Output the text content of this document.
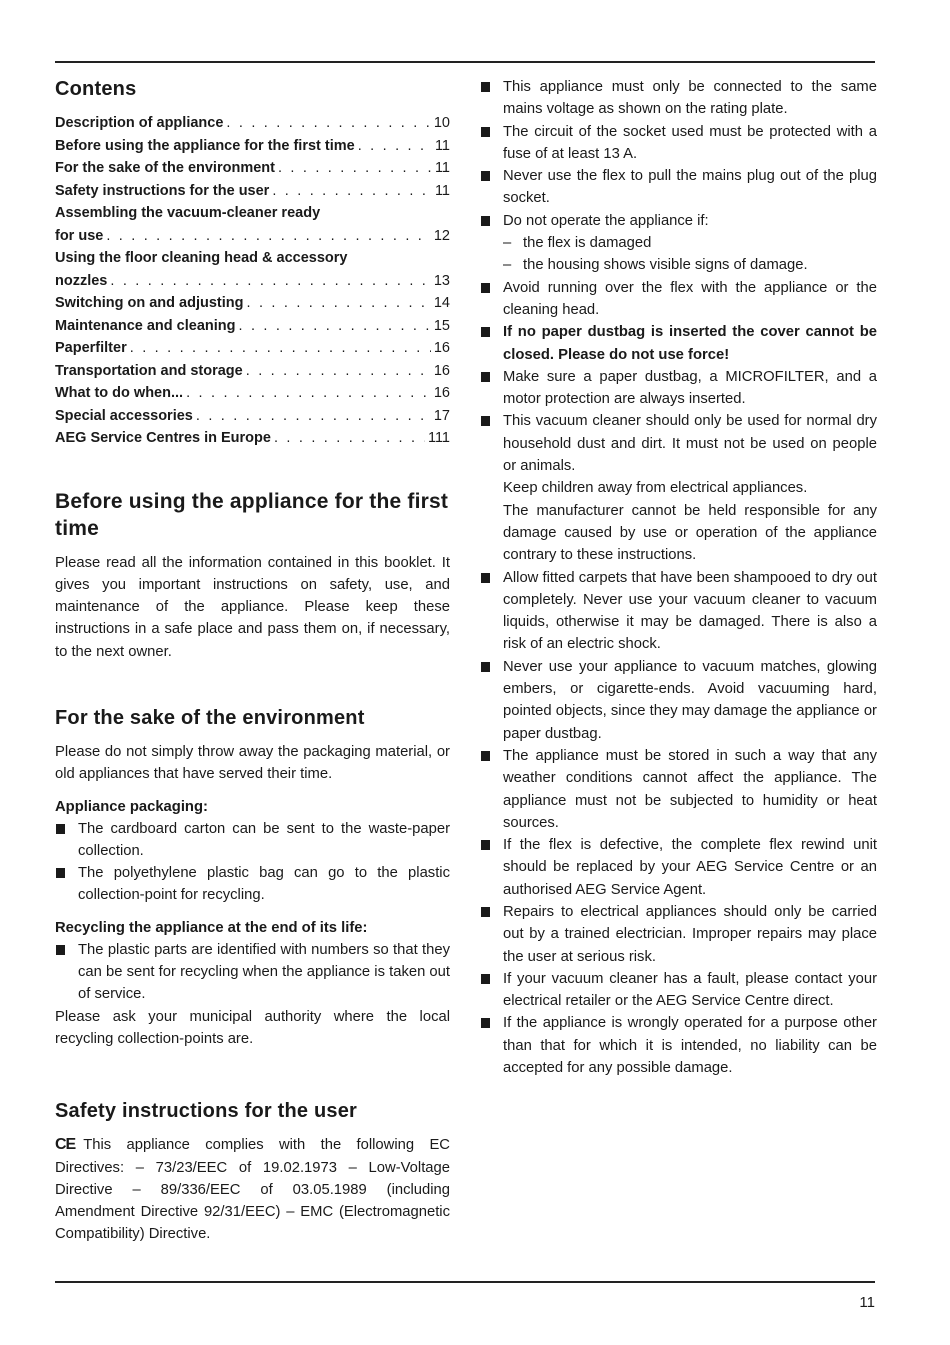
Contens
Description of appliance . . .	10
Before using the appliance for the first time . . .	11
For the sake of the environment . . .	11
Safety instructions for the user . . .	11
Assembling the vacuum-cleaner ready
for use . . .	12
Using the floor cleaning head & accessory
nozzles . . .	13
Switching on and adjusting . . .	14
Maintenance and cleaning . . .	15
Paperfilter . . .	16
Transportation and storage . . .	16
What to do when... . . .	16
Special accessories . . .	17
AEG Service Centres in Europe . . .	111
Before using the appliance for the first time

Please read all the information contained in this booklet. It gives you important instructions on safety, use, and maintenance of the appliance. Please keep these instructions in a safe place and pass them on, if necessary, to the next owner.

For the sake of the environment

Please do not simply throw away the packaging material, or old appliances that have served their time.

Appliance packaging:
The cardboard carton can be sent to the waste-paper collection.
The polyethylene plastic bag can go to the plastic collection-point for recycling.
Recycling the appliance at the end of its life:
The plastic parts are identified with numbers so that they can be sent for recycling when the appliance is taken out of service.

Please ask your municipal authority where the local recycling collection-points are.

Safety instructions for the user

CE This appliance complies with the following EC Directives: – 73/23/EEC of 19.02.1973 – Low-Voltage Directive – 89/336/EEC of 03.05.1989 (including Amendment Directive 92/31/EEC) – EMC (Electromagnetic Compatibility) Directive.

This appliance must only be connected to the same mains voltage as shown on the rating plate.
The circuit of the socket used must be protected with a fuse of at least 13 A.
Never use the flex to pull the mains plug out of the plug socket.
Do not operate the appliance if:
– the flex is damaged
– the housing shows visible signs of damage.
Avoid running over the flex with the appliance or the cleaning head.
If no paper dustbag is inserted the cover cannot be closed. Please do not use force!
Make sure a paper dustbag, a MICROFILTER, and a motor protection are always inserted.
This vacuum cleaner should only be used for normal dry household dust and dirt. It must not be used on people or animals.
Keep children away from electrical appliances.
The manufacturer cannot be held responsible for any damage caused by use or operation of the appliance contrary to these instructions.
Allow fitted carpets that have been shampooed to dry out completely. Never use your vacuum cleaner to vacuum liquids, otherwise it may be damaged. There is also a risk of an electric shock.
Never use your appliance to vacuum matches, glowing embers, or cigarette-ends. Avoid vacuuming hard, pointed objects, since they may damage the appliance or paper dustbag.
The appliance must be stored in such a way that any weather conditions cannot affect the appliance. The appliance must not be subjected to humidity or heat sources.
If the flex is defective, the complete flex rewind unit should be replaced by your AEG Service Centre or an authorised AEG Service Agent.
Repairs to electrical appliances should only be carried out by a trained electrician. Improper repairs may place the user at serious risk.
If your vacuum cleaner has a fault, please contact your electrical retailer or the AEG Service Centre direct.
If the appliance is wrongly operated for a purpose other than that for which it is intended, no liability can be accepted for any possible damage.
11
